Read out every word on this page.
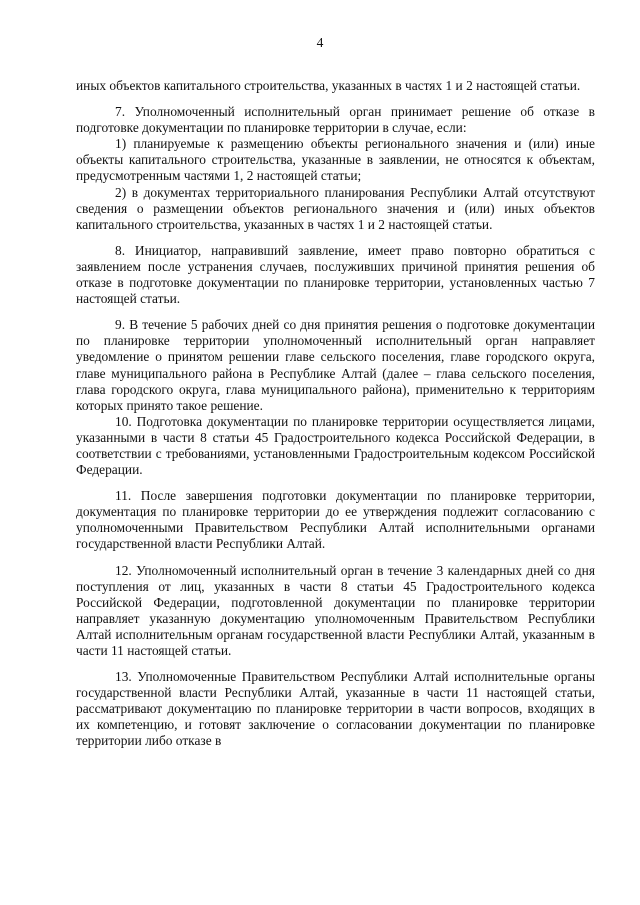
4

иных объектов капитального строительства, указанных в частях 1 и 2 настоящей статьи.

7. Уполномоченный исполнительный орган принимает решение об отказе в подготовке документации по планировке территории в случае, если:

1) планируемые к размещению объекты регионального значения и (или) иные объекты капитального строительства, указанные в заявлении, не относятся к объектам, предусмотренным частями 1, 2 настоящей статьи;

2) в документах территориального планирования Республики Алтай отсутствуют сведения о размещении объектов регионального значения и (или) иных объектов капитального строительства, указанных в частях 1 и 2 настоящей статьи.

8. Инициатор, направивший заявление, имеет право повторно обратиться с заявлением после устранения случаев, послуживших причиной принятия решения об отказе в подготовке документации по планировке территории, установленных частью 7 настоящей статьи.

9. В течение 5 рабочих дней со дня принятия решения о подготовке документации по планировке территории уполномоченный исполнительный орган направляет уведомление о принятом решении главе сельского поселения, главе городского округа, главе муниципального района в Республике Алтай (далее – глава сельского поселения, глава городского округа, глава муниципального района), применительно к территориям которых принято такое решение.

10. Подготовка документации по планировке территории осуществляется лицами, указанными в части 8 статьи 45 Градостроительного кодекса Российской Федерации, в соответствии с требованиями, установленными Градостроительным кодексом Российской Федерации.

11. После завершения подготовки документации по планировке территории, документация по планировке территории до ее утверждения подлежит согласованию с уполномоченными Правительством Республики Алтай исполнительными органами государственной власти Республики Алтай.

12. Уполномоченный исполнительный орган в течение 3 календарных дней со дня поступления от лиц, указанных в части 8 статьи 45 Градостроительного кодекса Российской Федерации, подготовленной документации по планировке территории направляет указанную документацию уполномоченным Правительством Республики Алтай исполнительным органам государственной власти Республики Алтай, указанным в части 11 настоящей статьи.

13. Уполномоченные Правительством Республики Алтай исполнительные органы государственной власти Республики Алтай, указанные в части 11 настоящей статьи, рассматривают документацию по планировке территории в части вопросов, входящих в их компетенцию, и готовят заключение о согласовании документации по планировке территории либо отказе в
